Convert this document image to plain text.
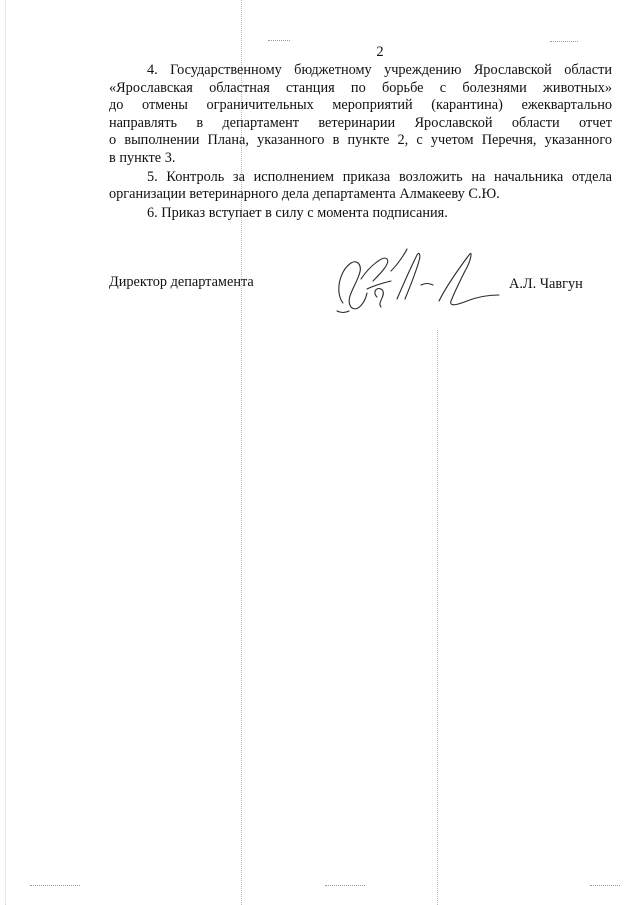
2

4. Государственному бюджетному учреждению Ярославской области
«Ярославская областная станция по борьбе с болезнями животных»
до отмены ограничительных мероприятий (карантина) ежеквартально
направлять в департамент ветеринарии Ярославской области отчет
о выполнении Плана, указанного в пункте 2, с учетом Перечня, указанного
в пункте 3.

5. Контроль за исполнением приказа возложить на начальника отдела
организации ветеринарного дела департамента Алмакееву С.Ю.

6. Приказ вступает в силу с момента подписания.

Директор департамента	А.Л. Чавгун
